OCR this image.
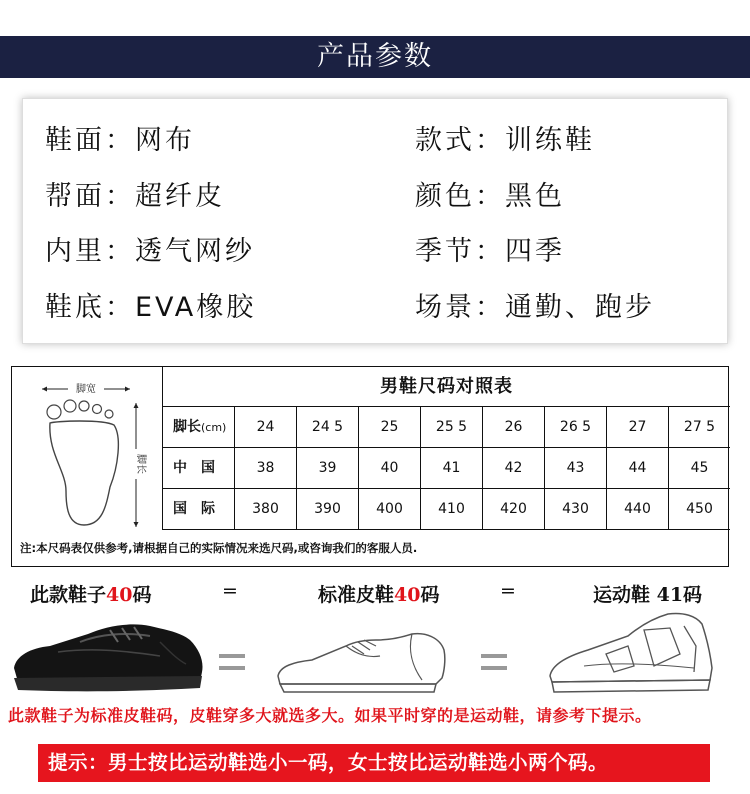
产品参数
鞋面：网布	款式：训练鞋
帮面：超纤皮	颜色：黑色
内里：透气网纱	季节：四季
鞋底：EVA橡胶	场景：通勤、跑步
脚宽
脚长
男鞋尺码对照表
脚长(cm)	24	24 5	25	25 5	26	26 5	27	27 5
中　国	38	39	40	41	42	43	44	45
国　际	380	390	400	410	420	430	440	450
注:本尺码表仅供参考,请根据自己的实际情况来选尺码,或咨询我们的客服人员.
此款鞋子40码	=	标准皮鞋40码	=	运动鞋 41码
此款鞋子为标准皮鞋码，皮鞋穿多大就选多大。如果平时穿的是运动鞋，请参考下提示。
提示：男士按比运动鞋选小一码，女士按比运动鞋选小两个码。
